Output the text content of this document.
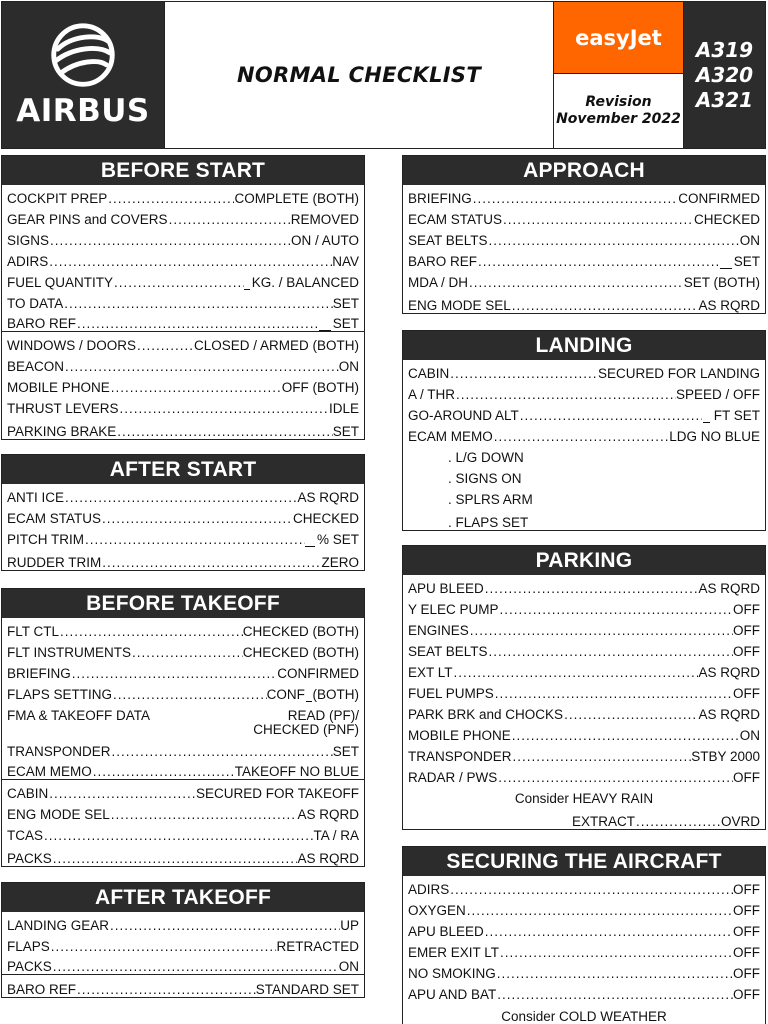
AIRBUS
NORMAL CHECKLIST
easyJet
Revision
November 2022
A319
A320
A321
BEFORE START
COCKPIT PREP .....	COMPLETE (BOTH)
GEAR PINS and COVERS .....	REMOVED
SIGNS .....	ON / AUTO
ADIRS .....	NAV
FUEL QUANTITY .....	KG. / BALANCED
TO DATA .....	SET
BARO REF .....	SET
WINDOWS / DOORS .....	CLOSED / ARMED (BOTH)
BEACON .....	ON
MOBILE PHONE .....	OFF (BOTH)
THRUST LEVERS .....	IDLE
PARKING BRAKE .....	SET
AFTER START
ANTI ICE .....	AS RQRD
ECAM STATUS .....	CHECKED
PITCH TRIM .....	% SET
RUDDER TRIM .....	ZERO
BEFORE TAKEOFF
FLT CTL .....	CHECKED (BOTH)
FLT INSTRUMENTS .....	CHECKED (BOTH)
BRIEFING .....	CONFIRMED
FLAPS SETTING .....	CONF (BOTH)
FMA & TAKEOFF DATA	READ (PF)/
CHECKED (PNF)
TRANSPONDER .....	SET
ECAM MEMO .....	TAKEOFF NO BLUE
CABIN .....	SECURED FOR TAKEOFF
ENG MODE SEL .....	AS RQRD
TCAS .....	TA / RA
PACKS .....	AS RQRD
AFTER TAKEOFF
LANDING GEAR .....	UP
FLAPS .....	RETRACTED
PACKS .....	ON
BARO REF .....	STANDARD SET
APPROACH
BRIEFING .....	CONFIRMED
ECAM STATUS .....	CHECKED
SEAT BELTS .....	ON
BARO REF .....	SET
MDA / DH .....	SET (BOTH)
ENG MODE SEL .....	AS RQRD
LANDING
CABIN .....	SECURED FOR LANDING
A / THR .....	SPEED / OFF
GO-AROUND ALT .....	FT SET
ECAM MEMO .....	LDG NO BLUE
. L/G DOWN
. SIGNS ON
. SPLRS ARM
. FLAPS SET
PARKING
APU BLEED .....	AS RQRD
Y ELEC PUMP .....	OFF
ENGINES .....	OFF
SEAT BELTS .....	OFF
EXT LT .....	AS RQRD
FUEL PUMPS .....	OFF
PARK BRK and CHOCKS .....	AS RQRD
MOBILE PHONE .....	ON
TRANSPONDER .....	STBY 2000
RADAR / PWS .....	OFF
Consider HEAVY RAIN
EXTRACT .....	OVRD
SECURING THE AIRCRAFT
ADIRS .....	OFF
OXYGEN .....	OFF
APU BLEED .....	OFF
EMER EXIT LT .....	OFF
NO SMOKING .....	OFF
APU AND BAT .....	OFF
Consider COLD WEATHER
